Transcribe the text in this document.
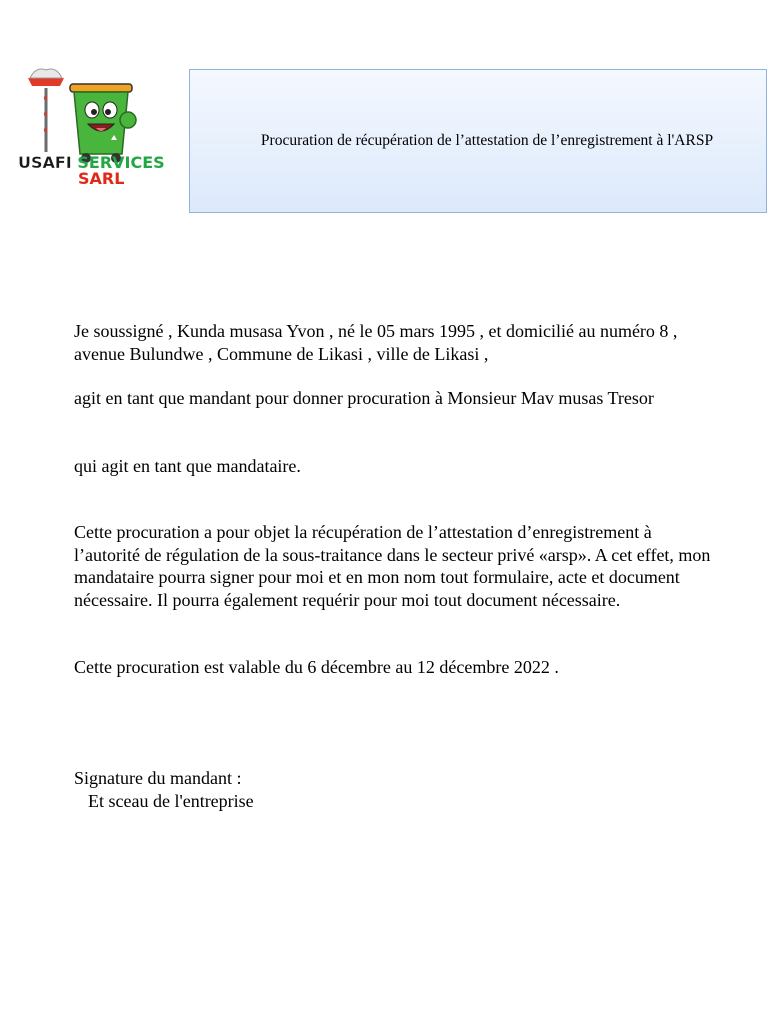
USAFI SERVICES
SARL
Procuration de récupération de l’attestation de l’enregistrement à l'ARSP

Je soussigné , Kunda musasa Yvon , né le 05 mars 1995 , et domicilié au numéro 8 , avenue Bulundwe , Commune de Likasi , ville de Likasi ,

agit en tant que mandant pour donner procuration à Monsieur Mav musas Tresor

qui agit en tant que mandataire.

Cette procuration a pour objet la récupération de l’attestation d’enregistrement à l’autorité de régulation de la sous-traitance dans le secteur privé «arsp». A cet effet, mon mandataire pourra signer pour moi et en mon nom tout formulaire, acte et document nécessaire. Il pourra également requérir pour moi tout document nécessaire.

Cette procuration est valable du 6 décembre au 12 décembre 2022 .

Signature du mandant :

Et sceau de l'entreprise
